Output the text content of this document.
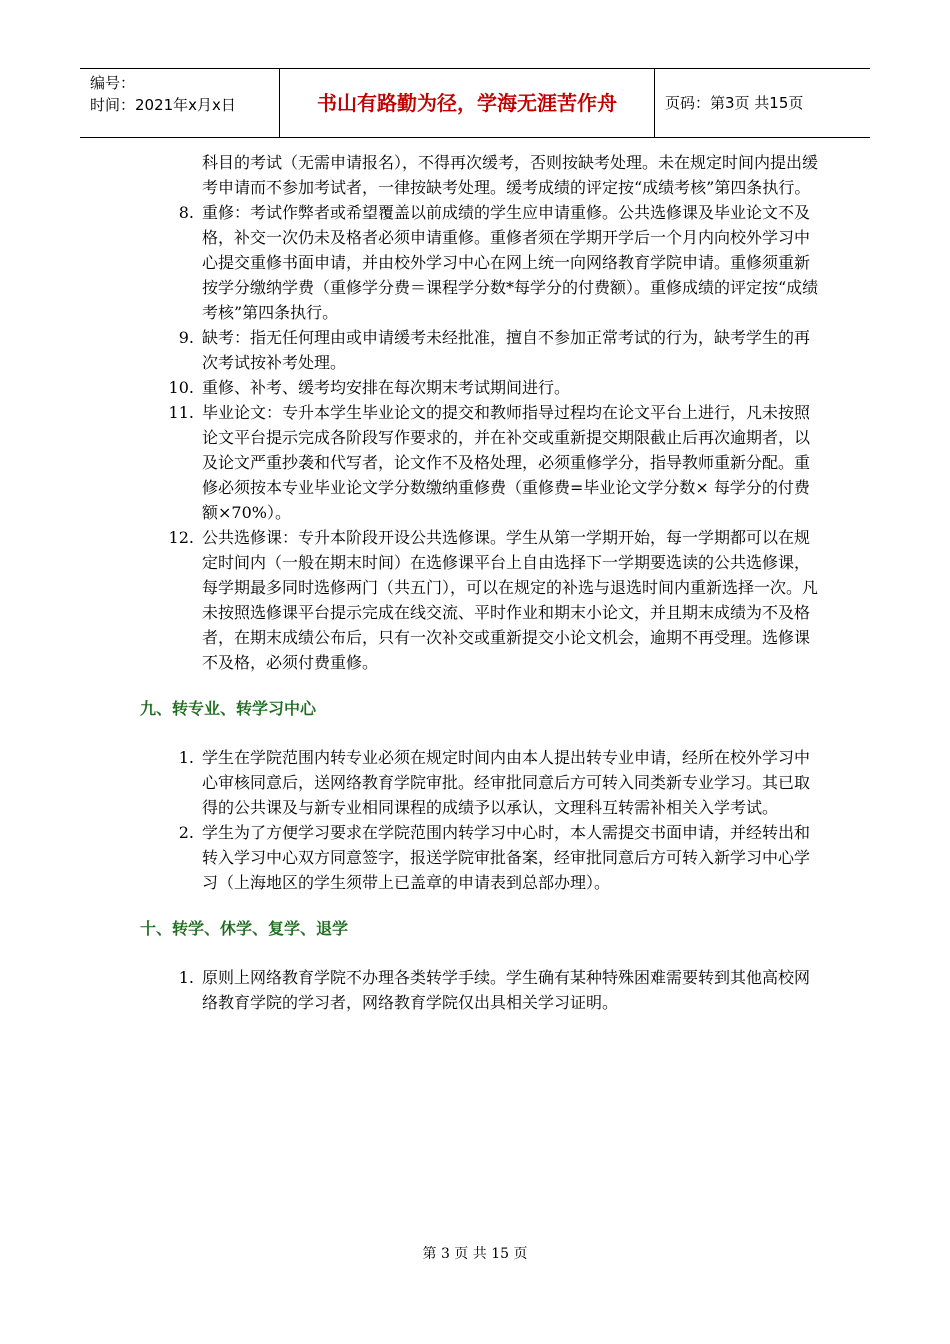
编号：
时间：2021年x月x日	书山有路勤为径，学海无涯苦作舟	页码：第3页 共15页
科目的考试（无需申请报名），不得再次缓考，否则按缺考处理。未在规定时间内提出缓考申请而不参加考试者，一律按缺考处理。缓考成绩的评定按“成绩考核”第四条执行。
8. 重修：考试作弊者或希望覆盖以前成绩的学生应申请重修。公共选修课及毕业论文不及格，补交一次仍未及格者必须申请重修。重修者须在学期开学后一个月内向校外学习中心提交重修书面申请，并由校外学习中心在网上统一向网络教育学院申请。重修须重新按学分缴纳学费（重修学分费＝课程学分数*每学分的付费额）。重修成绩的评定按“成绩考核”第四条执行。
9. 缺考：指无任何理由或申请缓考未经批准，擅自不参加正常考试的行为，缺考学生的再次考试按补考处理。
10. 重修、补考、缓考均安排在每次期末考试期间进行。
11. 毕业论文：专升本学生毕业论文的提交和教师指导过程均在论文平台上进行，凡未按照论文平台提示完成各阶段写作要求的，并在补交或重新提交期限截止后再次逾期者，以及论文严重抄袭和代写者，论文作不及格处理，必须重修学分，指导教师重新分配。重修必须按本专业毕业论文学分数缴纳重修费（重修费=毕业论文学分数× 每学分的付费额×70%）。
12. 公共选修课：专升本阶段开设公共选修课。学生从第一学期开始，每一学期都可以在规定时间内（一般在期末时间）在选修课平台上自由选择下一学期要选读的公共选修课，每学期最多同时选修两门（共五门），可以在规定的补选与退选时间内重新选择一次。凡未按照选修课平台提示完成在线交流、平时作业和期末小论文，并且期末成绩为不及格者，在期末成绩公布后，只有一次补交或重新提交小论文机会，逾期不再受理。选修课不及格，必须付费重修。
九、转专业、转学习中心
1. 学生在学院范围内转专业必须在规定时间内由本人提出转专业申请，经所在校外学习中心审核同意后，送网络教育学院审批。经审批同意后方可转入同类新专业学习。其已取得的公共课及与新专业相同课程的成绩予以承认，文理科互转需补相关入学考试。
2. 学生为了方便学习要求在学院范围内转学习中心时，本人需提交书面申请，并经转出和转入学习中心双方同意签字，报送学院审批备案，经审批同意后方可转入新学习中心学习（上海地区的学生须带上已盖章的申请表到总部办理）。
十、转学、休学、复学、退学
1. 原则上网络教育学院不办理各类转学手续。学生确有某种特殊困难需要转到其他高校网络教育学院的学习者，网络教育学院仅出具相关学习证明。
第 3 页 共 15 页
